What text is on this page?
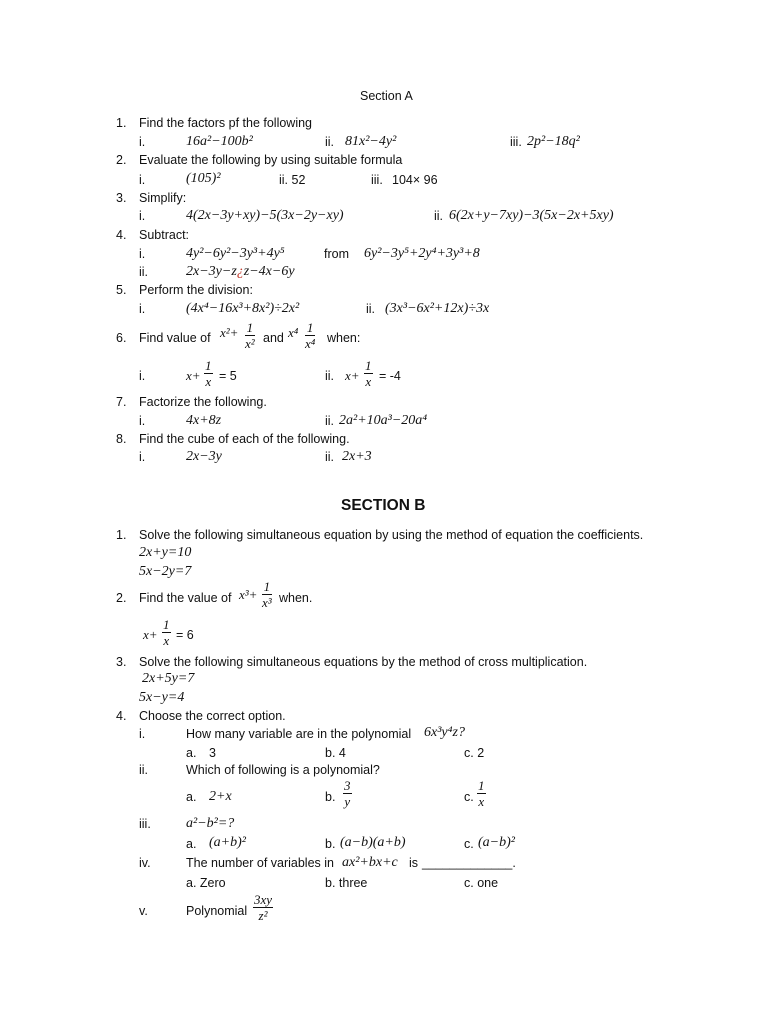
Section A
1. Find the factors pf the following
i.	16a²−100b²	ii. 81x²−4y²	iii. 2p²−18q²
2. Evaluate the following by using suitable formula
i.	(105)²	ii. 52	iii. 104× 96
3. Simplify:
i.	4(2x−3y+xy)−5(3x−2y−xy)	ii. 6(2x+y−7xy)−3(5x−2x+5xy)
4. Subtract:
i.	4y²−6y²−3y³+4y⁵	from 6y²−3y⁵+2y⁴+3y³+8
ii.	2x−3y−z¿z−4x−6y
5. Perform the division:
i.	(4x⁴−16x³+8x²)÷2x²	ii. (3x³−6x²+12x)÷3x
6. Find value of $x^2+ \frac{1}{\text{x²}}$ and $x^4 \frac{1}{\text{x⁴}}$ when:
i.	$x+ \frac{1}{x} = 5$	ii. $x+ \frac{1}{x} = -4$
7. Factorize the following.
i.	4x+8z	ii. 2a²+10a³−20a⁴
8. Find the cube of each of the following.
i.	2x−3y	ii. 2x+3
SECTION B
1. Solve the following simultaneous equation by using the method of equation the coefficients.
2x+y=10
5x−2y=7
2. Find the value of $x^3+ \frac{1}{\text{x³}}$ when.
$x+ \frac{1}{x} = 6$
3. Solve the following simultaneous equations by the method of cross multiplication.
2x+5y=7
5x−y=4
4. Choose the correct option.
i.	How many variable are in the polynomial 6x³y⁴z?
a. 3	b. 4	c. 2
ii.	Which of following is a polynomial?
a. 2+x	b. $\frac{3}{y}$	c. $\frac{1}{x}$
iii.	a²−b²=?
a. (a+b)²	b. (a−b)(a+b)	c. (a−b)²
iv.	The number of variables in ax²+bx+c is _____________.
a. Zero	b. three	c. one
v.	Polynomial $\frac{3xy}{\text{z²}}$
